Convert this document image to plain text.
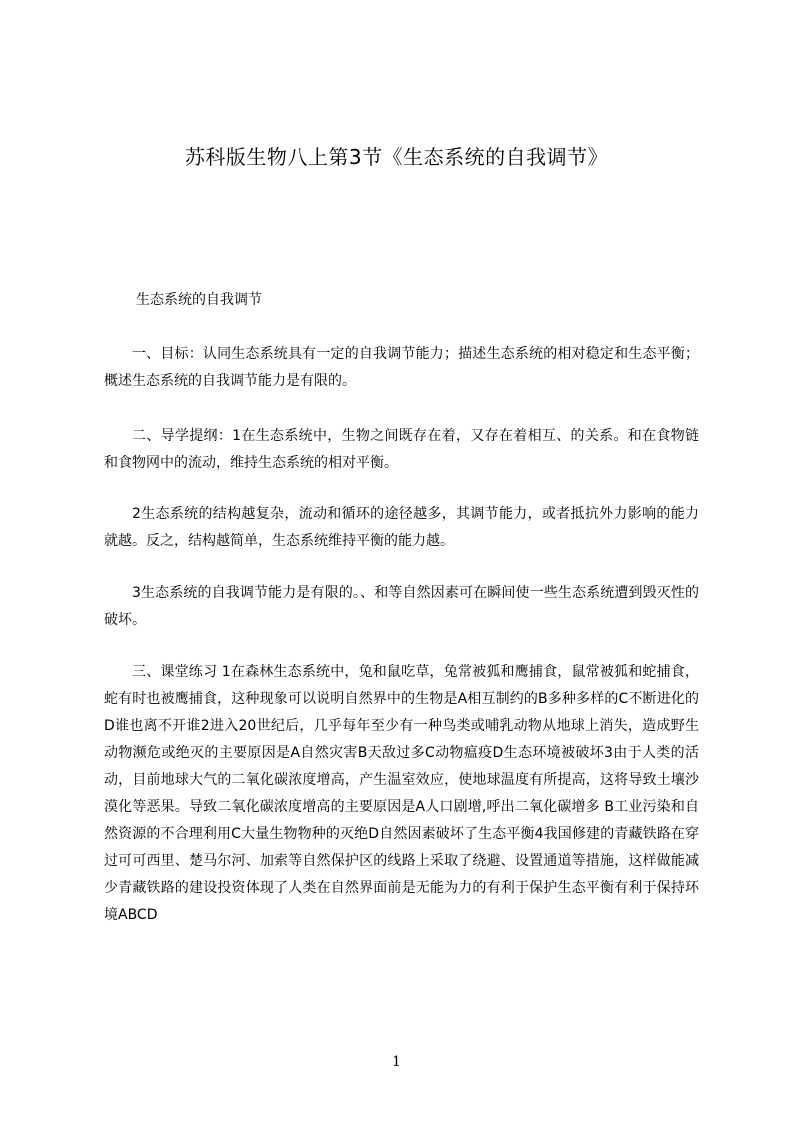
苏科版生物八上第3节《生态系统的自我调节》

生态系统的自我调节

一、目标：认同生态系统具有一定的自我调节能力；描述生态系统的相对稳定和生态平衡；概述生态系统的自我调节能力是有限的。

二、导学提纲：1在生态系统中，生物之间既存在着，又存在着相互、的关系。和在食物链和食物网中的流动，维持生态系统的相对平衡。

2生态系统的结构越复杂，流动和循环的途径越多，其调节能力，或者抵抗外力影响的能力就越。反之，结构越简单，生态系统维持平衡的能力越。

3生态系统的自我调节能力是有限的。、和等自然因素可在瞬间使一些生态系统遭到毁灭性的破坏。

三、课堂练习 1在森林生态系统中，兔和鼠吃草，兔常被狐和鹰捕食，鼠常被狐和蛇捕食，蛇有时也被鹰捕食，这种现象可以说明自然界中的生物是A相互制约的B多种多样的C不断进化的D谁也离不开谁2进入20世纪后，几乎每年至少有一种鸟类或哺乳动物从地球上消失，造成野生动物濒危或绝灭的主要原因是A自然灾害B天敌过多C动物瘟疫D生态环境被破坏3由于人类的活动，目前地球大气的二氧化碳浓度增高，产生温室效应，使地球温度有所提高，这将导致土壤沙漠化等恶果。导致二氧化碳浓度增高的主要原因是A人口剧增,呼出二氧化碳增多 B工业污染和自然资源的不合理利用C大量生物物种的灭绝D自然因素破坏了生态平衡4我国修建的青藏铁路在穿过可可西里、楚马尔河、加索等自然保护区的线路上采取了绕避、设置通道等措施，这样做能减少青藏铁路的建设投资体现了人类在自然界面前是无能为力的有利于保护生态平衡有利于保持环境ABCD

1
